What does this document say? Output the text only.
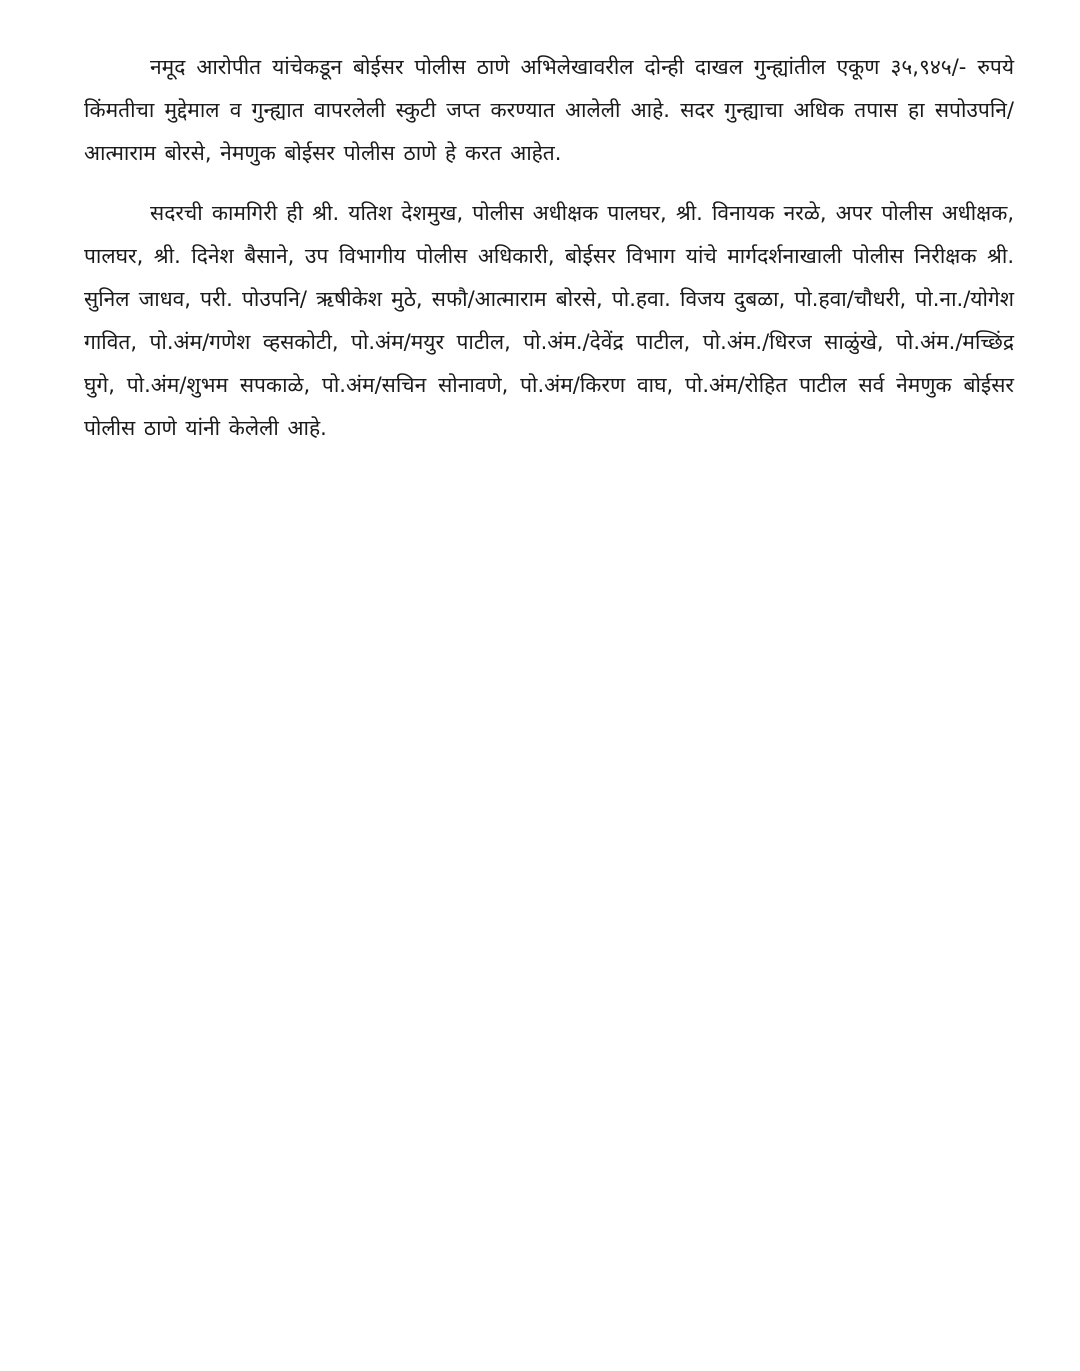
नमूद आरोपीत यांचेकडून बोईसर पोलीस ठाणे अभिलेखावरील दोन्ही दाखल गुन्ह्यांतील एकूण ३५,९४५/- रुपये किंमतीचा मुद्देमाल व गुन्ह्यात वापरलेली स्कुटी जप्त करण्यात आलेली आहे. सदर गुन्ह्याचा अधिक तपास हा सपोउपनि/आत्माराम बोरसे, नेमणुक बोईसर पोलीस ठाणे हे करत आहेत.

सदरची कामगिरी ही श्री. यतिश देशमुख, पोलीस अधीक्षक पालघर, श्री. विनायक नरळे, अपर पोलीस अधीक्षक, पालघर, श्री. दिनेश बैसाने, उप विभागीय पोलीस अधिकारी, बोईसर विभाग यांचे मार्गदर्शनाखाली पोलीस निरीक्षक श्री. सुनिल जाधव, परी. पोउपनि/ ऋषीकेश मुठे, सफौ/आत्माराम बोरसे, पो.हवा. विजय दुबळा, पो.हवा/चौधरी, पो.ना./योगेश गावित, पो.अंम/गणेश व्हसकोटी, पो.अंम/मयुर पाटील, पो.अंम./देवेंद्र पाटील, पो.अंम./धिरज साळुंखे, पो.अंम./मच्छिंद्र घुगे, पो.अंम/शुभम सपकाळे, पो.अंम/सचिन सोनावणे, पो.अंम/किरण वाघ, पो.अंम/रोहित पाटील सर्व नेमणुक बोईसर पोलीस ठाणे यांनी केलेली आहे.
